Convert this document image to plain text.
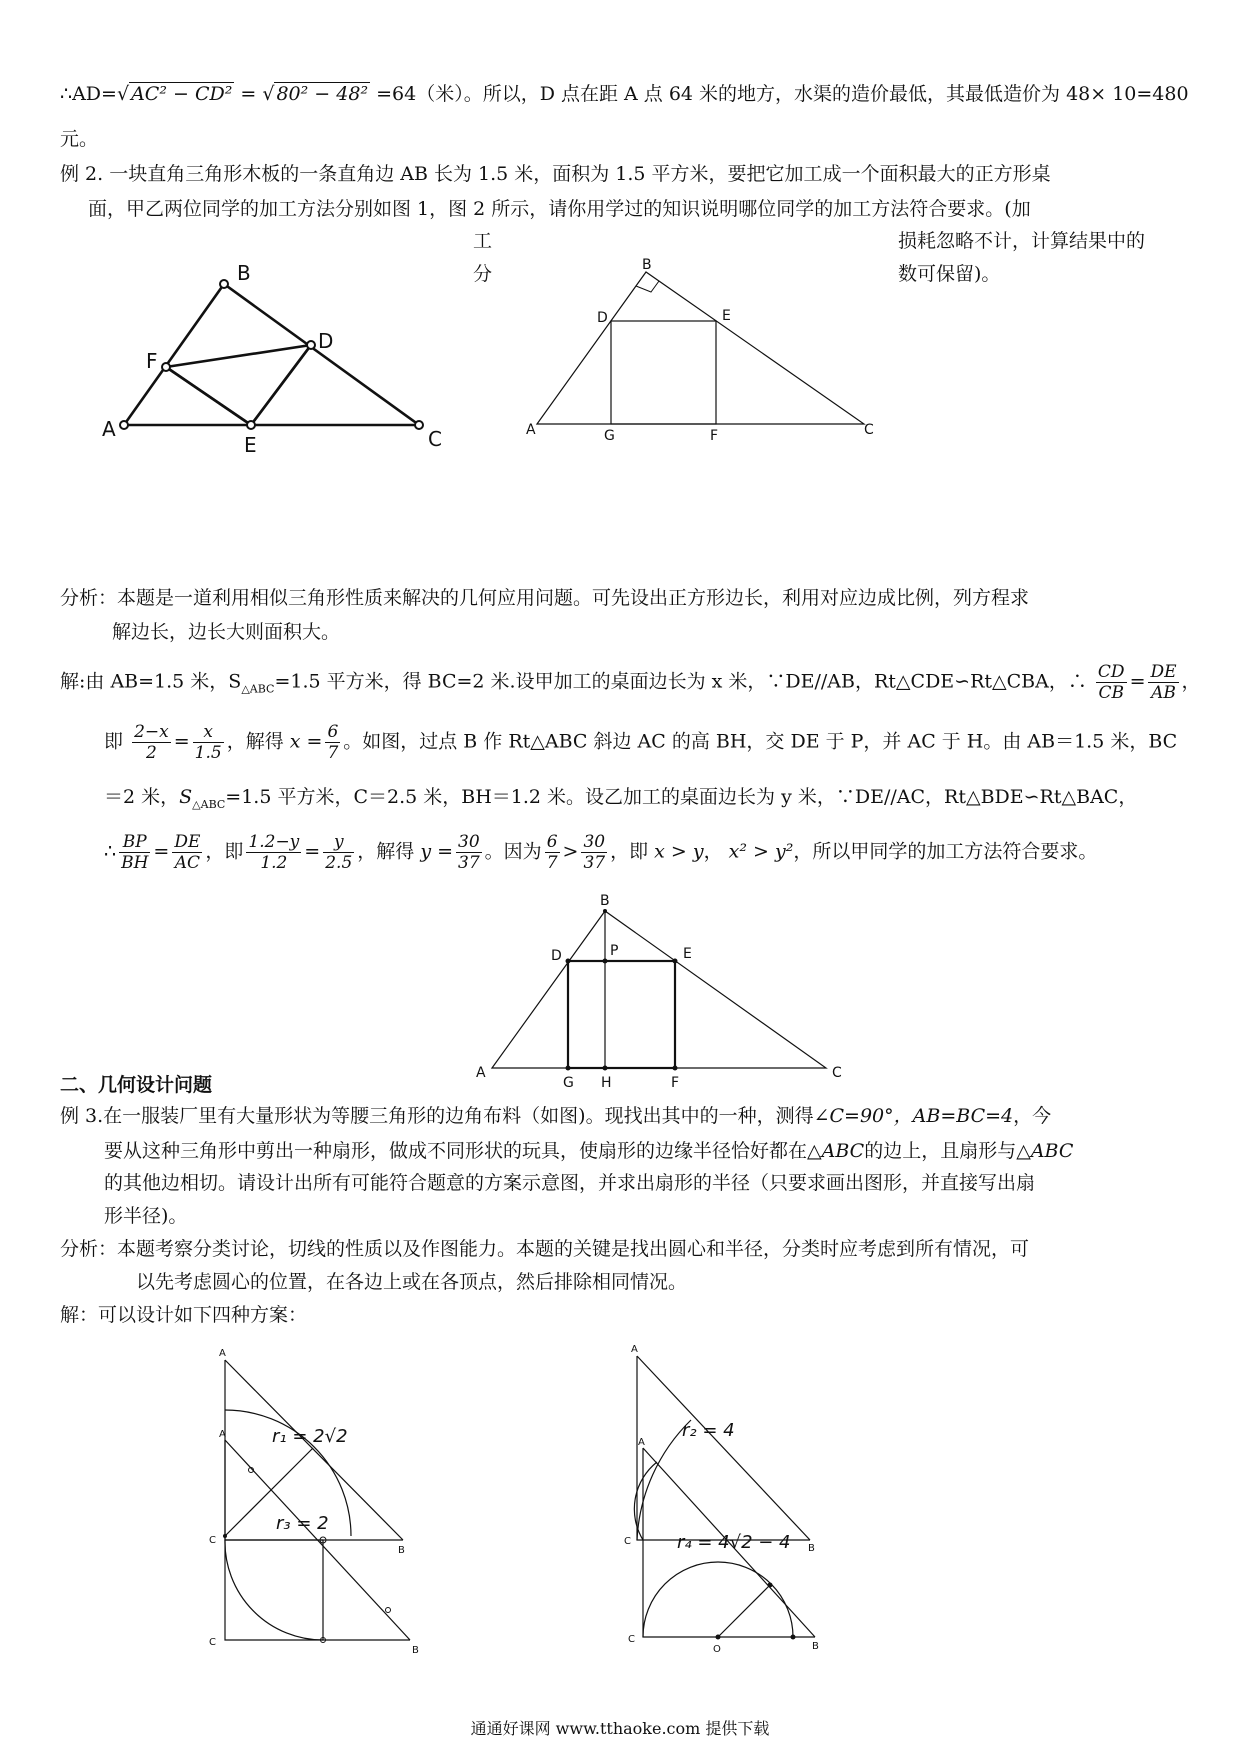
∴AD=√ AC² − CD² = √ 80² − 48² =64（米）。所以，D 点在距 A 点 64 米的地方，水渠的造价最低，其最低造价为 48× 10=480
元。
例 2. 一块直角三角形木板的一条直角边 AB 长为 1.5 米，面积为 1.5 平方米，要把它加工成一个面积最大的正方形桌
面，甲乙两位同学的加工方法分别如图 1，图 2 所示，请你用学过的知识说明哪位同学的加工方法符合要求。(加
工
分
损耗忽略不计，计算结果中的
数可保留)。
B
D
F
A
E	C
B
D	E
A	G	F	C
分析：本题是一道利用相似三角形性质来解决的几何应用问题。可先设出正方形边长，利用对应边成比例，列方程求
解边长，边长大则面积大。
解:由 AB=1.5 米，$S_{\triangle ABC}=1.5$ 平方米，得 BC=2 米.设甲加工的桌面边长为 x 米，∵DE//AB，Rt△CDE∽Rt△CBA，∴ $\frac{CD}{CB} = \frac{DE}{AB}$ ，
即 $\frac{2-x}{2} = \frac{x}{1.5}$ ，解得 $x = \frac{6}{7}$ 。如图，过点 B 作 Rt△ABC 斜边 AC 的高 BH，交 DE 于 P，并 AC 于 H。由 AB＝1.5 米，BC
＝2 米，$S_{\triangle ABC}=1.5$ 平方米，C＝2.5 米，BH＝1.2 米。设乙加工的桌面边长为 y 米，∵DE//AC，Rt△BDE∽Rt△BAC，
∴ $\frac{BP}{BH} = \frac{DE}{AC}$ ，即 $\frac{1.2-y}{1.2} = \frac{y}{2.5}$ ，解得 $y = \frac{30}{37}$ 。因为 $\frac{6}{7} > \frac{30}{37}$ ，即 x > y， x² > y²，所以甲同学的加工方法符合要求。
B
D	P	E
A
G H	F
C
二、几何设计问题
例 3.在一服装厂里有大量形状为等腰三角形的边角布料（如图)。现找出其中的一种，测得∠C=90°，AB=BC=4，今
要从这种三角形中剪出一种扇形，做成不同形状的玩具，使扇形的边缘半径恰好都在△ABC的边上，且扇形与△ABC
的其他边相切。请设计出所有可能符合题意的方案示意图，并求出扇形的半径（只要求画出图形，并直接写出扇
形半径)。
分析：本题考察分类讨论，切线的性质以及作图能力。本题的关键是找出圆心和半径，分类时应考虑到所有情况，可
以先考虑圆心的位置，在各边上或在各顶点，然后排除相同情况。
解：可以设计如下四种方案：
A
A
C
B
C
B
r₁ = 2√2
r₃ = 2
A
A
C
B
C
O	B
r₂ = 4
r₄ = 4√2 − 4
通通好课网 www.tthaoke.com 提供下载
